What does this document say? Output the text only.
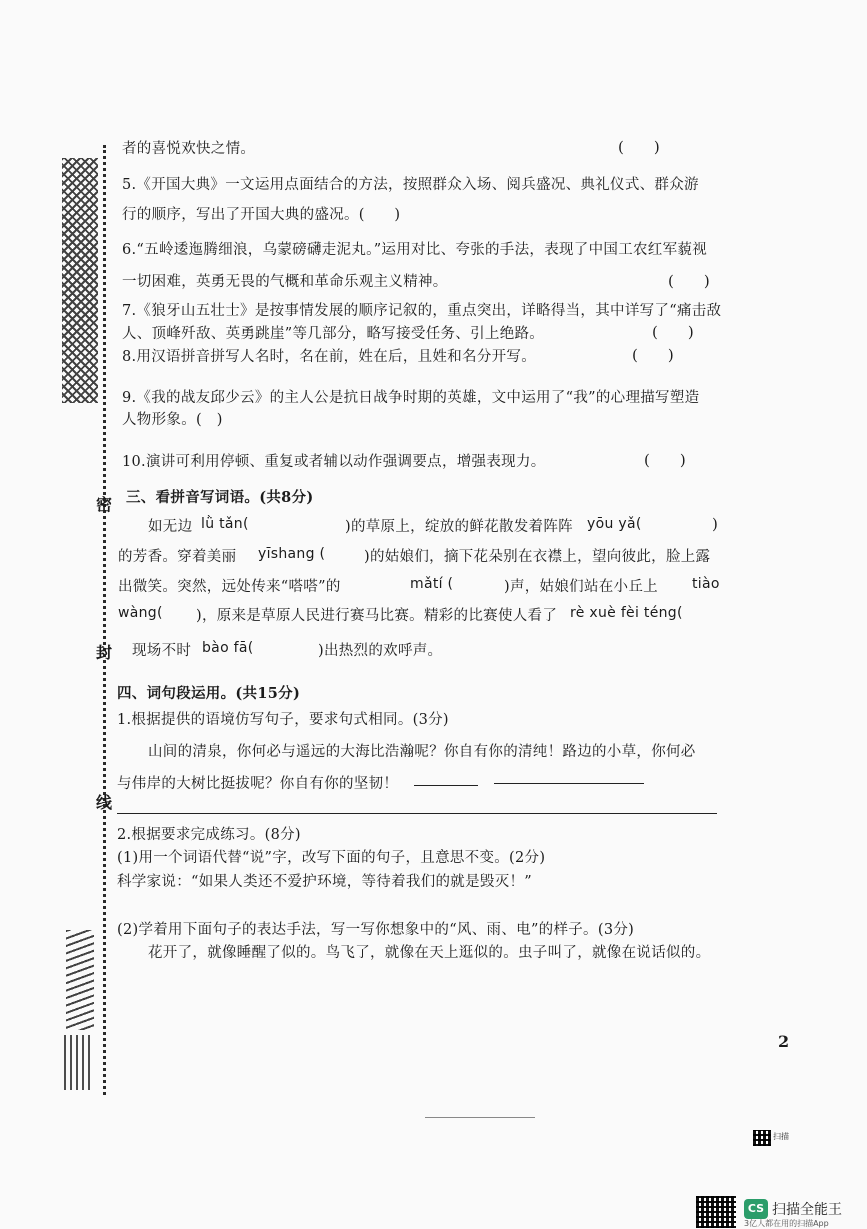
密
封
线
者的喜悦欢快之情。	(　　)
5.《开国大典》一文运用点面结合的方法，按照群众入场、阅兵盛况、典礼仪式、群众游
行的顺序，写出了开国大典的盛况。(　　)
6.“五岭逶迤腾细浪，乌蒙磅礴走泥丸。”运用对比、夸张的手法，表现了中国工农红军藐视
一切困难，英勇无畏的气概和革命乐观主义精神。	(　　)
7.《狼牙山五壮士》是按事情发展的顺序记叙的，重点突出，详略得当，其中详写了“痛击敌
人、顶峰歼敌、英勇跳崖”等几部分，略写接受任务、引上绝路。	(　　)
8.用汉语拼音拼写人名时，名在前，姓在后，且姓和名分开写。	(　　)
9.《我的战友邱少云》的主人公是抗日战争时期的英雄，文中运用了“我”的心理描写塑造
人物形象。(　)
10.演讲可利用停顿、重复或者辅以动作强调要点，增强表现力。	(　　)
三、看拼音写词语。(共8分)
如无边 lǜ tǎn(	)的草原上，绽放的鲜花散发着阵阵 yōu yǎ(	)
的芳香。穿着美丽 yīshang (	)的姑娘们，摘下花朵别在衣襟上，望向彼此，脸上露
出微笑。突然，远处传来“嗒嗒”的	mǎtí (	)声，姑娘们站在小丘上 tiào
wàng( )，原来是草原人民进行赛马比赛。精彩的比赛使人看了 rè xuè fèi téng(
现场不时 bào fā(	)出热烈的欢呼声。
四、词句段运用。(共15分)
1.根据提供的语境仿写句子，要求句式相同。(3分)
山间的清泉，你何必与遥远的大海比浩瀚呢？你自有你的清纯！路边的小草，你何必
与伟岸的大树比挺拔呢？你自有你的坚韧！
2.根据要求完成练习。(8分)
(1)用一个词语代替“说”字，改写下面的句子，且意思不变。(2分)
科学家说：“如果人类还不爱护环境，等待着我们的就是毁灭！”
(2)学着用下面句子的表达手法，写一写你想象中的“风、雨、电”的样子。(3分)
花开了，就像睡醒了似的。鸟飞了，就像在天上逛似的。虫子叫了，就像在说话似的。
2
扫描
CS 扫描全能王
3亿人都在用的扫描App
